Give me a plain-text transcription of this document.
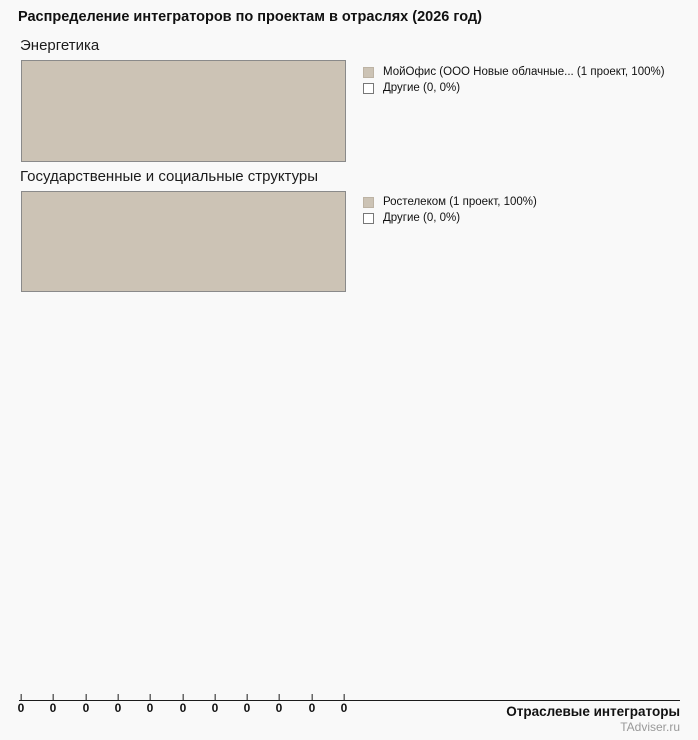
Распределение интеграторов по проектам в отраслях (2026 год)
Энергетика
МойОфис (ООО Новые облачные... (1 проект, 100%)
Другие (0, 0%)
Государственные и социальные структуры
Ростелеком (1 проект, 100%)
Другие (0, 0%)
0 0 0 0 0 0 0 0 0 0 0	Отраслевые интеграторы
TAdviser.ru
